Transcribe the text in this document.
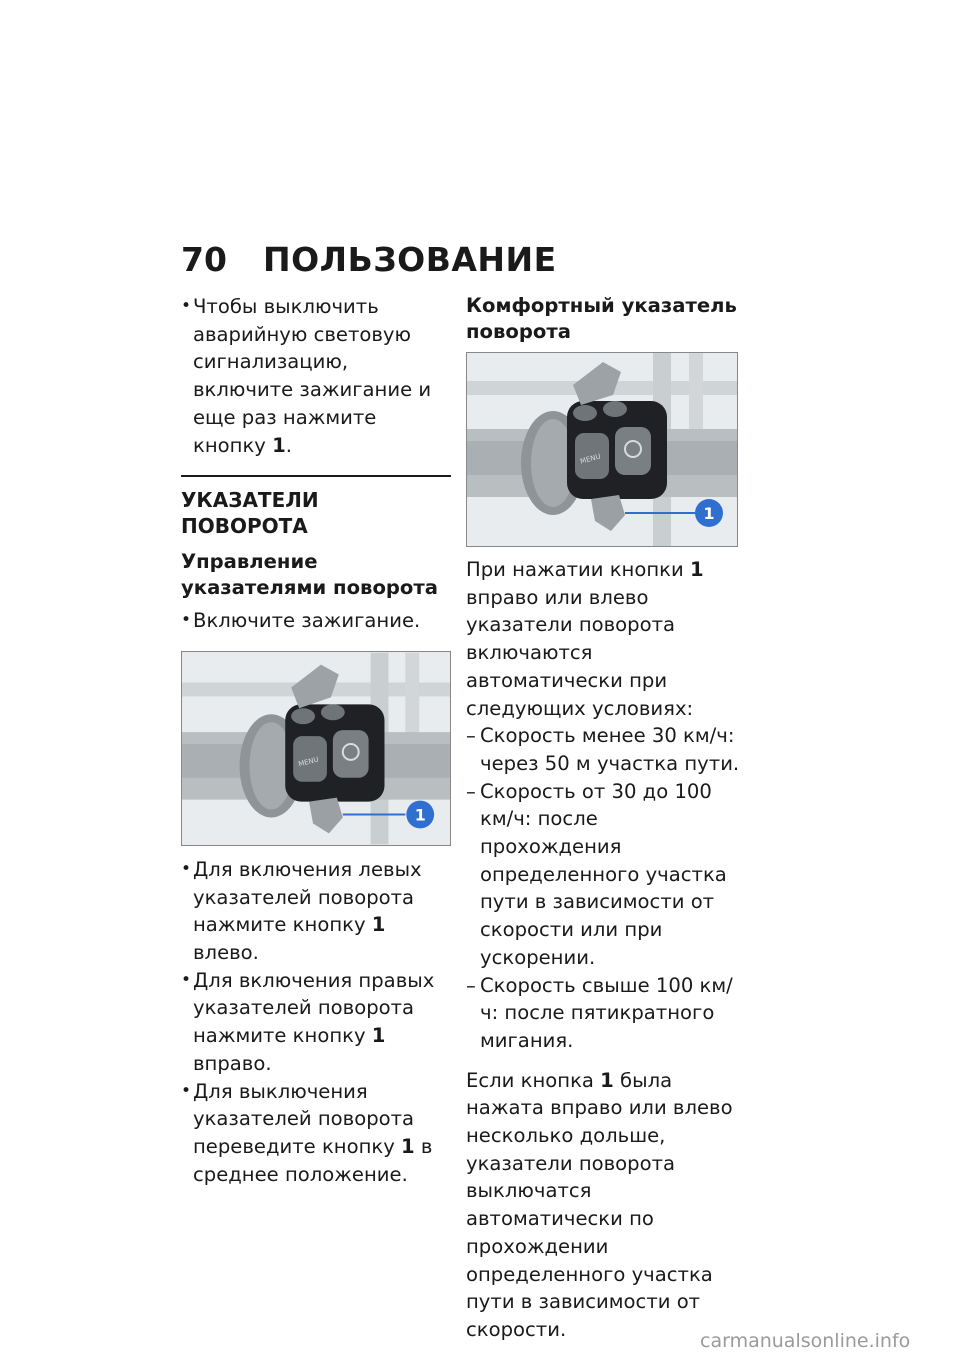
70	ПОЛЬЗОВАНИЕ
• Чтобы выключить аварийную световую сигнализацию, включите зажигание и еще раз нажмите кнопку 1.
УКАЗАТЕЛИ ПОВОРОТА
Управление указателями поворота
• Включите зажигание.
MENU
1
• Для включения левых указателей поворота нажмите кнопку 1 влево.
• Для включения правых указателей поворота нажмите кнопку 1 вправо.
• Для выключения указателей поворота переведите кнопку 1 в среднее положение.
Комфортный указатель поворота
MENU
1

При нажатии кнопки 1 вправо или влево указатели поворота включаются автоматически при следующих условиях:

– Скорость менее 30 км/ч: через 50 м участка пути.
– Скорость от 30 до 100 км/ч: после прохождения определенного участка пути в зависимости от скорости или при ускорении.
– Скорость свыше 100 км/ч: после пятикратного мигания.

Если кнопка 1 была нажата вправо или влево несколько дольше, указатели поворота выключатся автоматически по прохождении определенного участка пути в зависимости от скорости.

carmanualsonline.info
